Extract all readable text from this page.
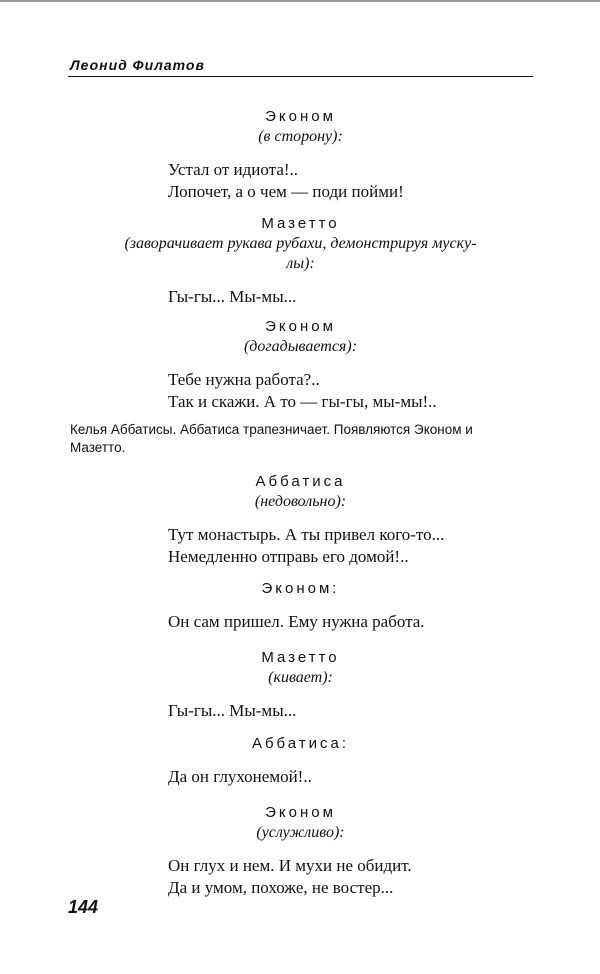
Леонид Филатов
Эконом
(в сторону):
Устал от идиота!..
Лопочет, а о чем — поди пойми!
Мазетто
(заворачивает рукава рубахи, демонстрируя муску-
лы):
Гы-гы... Мы-мы...
Эконом
(догадывается):
Тебе нужна работа?..
Так и скажи. А то — гы-гы, мы-мы!..
Келья Аббатисы. Аббатиса трапезничает. Появляются Эконом и
Мазетто.
Аббатиса
(недовольно):
Тут монастырь. А ты привел кого-то...
Немедленно отправь его домой!..
Эконом:
Он сам пришел. Ему нужна работа.
Мазетто
(кивает):
Гы-гы... Мы-мы...
Аббатиса:
Да он глухонемой!..
Эконом
(услужливо):
Он глух и нем. И мухи не обидит.
Да и умом, похоже, не востер...
144
